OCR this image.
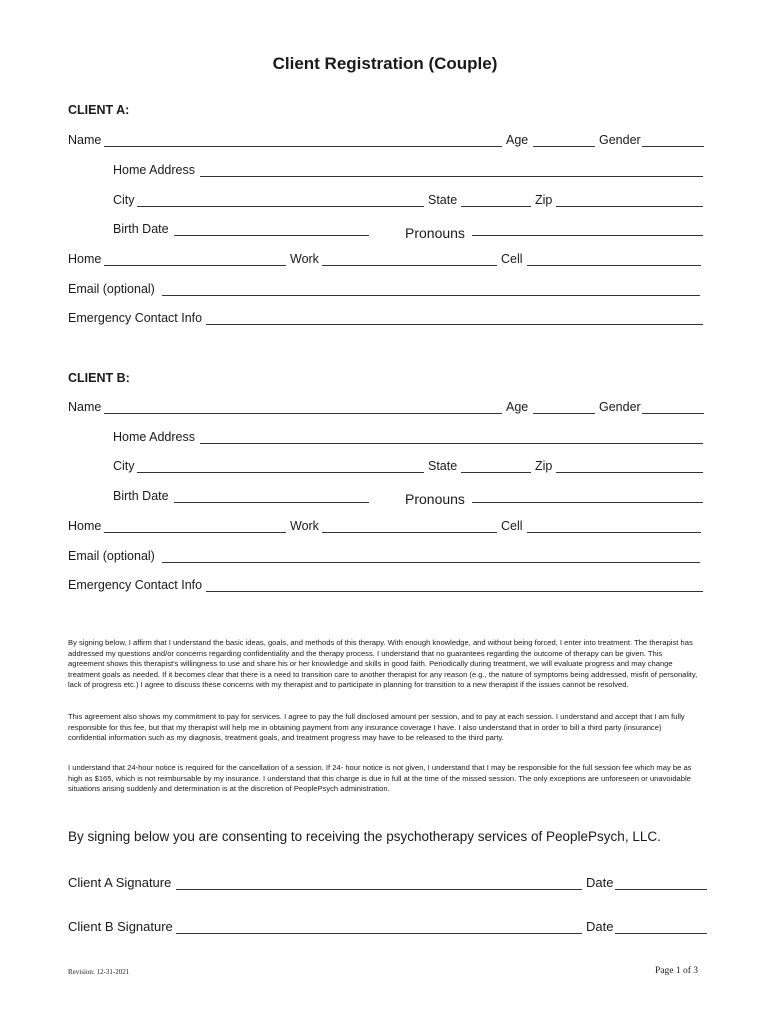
Client Registration (Couple)
CLIENT A:
Name	Age	Gender
Home Address
City	State	Zip
Birth Date	Pronouns
Home	Work	Cell
Email (optional)
Emergency Contact Info
CLIENT B:
Name	Age	Gender
Home Address
City	State	Zip
Birth Date	Pronouns
Home	Work	Cell
Email (optional)
Emergency Contact Info
By signing below, I affirm that I understand the basic ideas, goals, and methods of this therapy. With enough knowledge, and without being forced, I enter into treatment. The therapist has addressed my questions and/or concerns regarding confidentiality and the therapy process. I understand that no guarantees regarding the outcome of therapy can be given. This agreement shows this therapist's willingness to use and share his or her knowledge and skills in good faith. Periodically during treatment, we will evaluate progress and may change treatment goals as needed. If it becomes clear that there is a need to transition care to another therapist for any reason (e.g., the nature of symptoms being addressed, misfit of personality, lack of progress etc.) I agree to discuss these concerns with my therapist and to participate in planning for transition to a new therapist if the issues cannot be resolved.
This agreement also shows my commitment to pay for services. I agree to pay the full disclosed amount per session, and to pay at each session. I understand and accept that I am fully responsible for this fee, but that my therapist will help me in obtaining payment from any insurance coverage I have. I also understand that in order to bill a third party (insurance) confidential information such as my diagnosis, treatment goals, and treatment progress may have to be released to the third party.
I understand that 24-hour notice is required for the cancellation of a session. If 24- hour notice is not given, I understand that I may be responsible for the full session fee which may be as high as $165, which is not reimbursable by my insurance. I understand that this charge is due in full at the time of the missed session. The only exceptions are unforeseen or unavoidable situations arising suddenly and determination is at the discretion of PeoplePsych administration.
By signing below you are consenting to receiving the psychotherapy services of PeoplePsych, LLC.
Client A Signature	Date
Client B Signature	Date
Revision: 12-31-2021	Page 1 of 3
